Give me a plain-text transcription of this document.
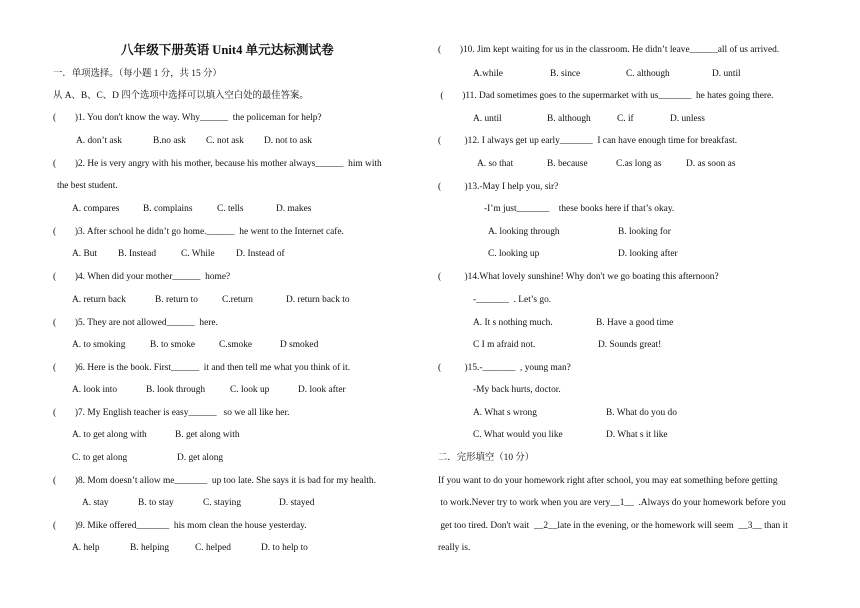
八年级下册英语 Unit4 单元达标测试卷
一．单项选择。（每小题 1 分，共 15 分）
从 A、B、C、D 四个选项中选择可以填入空白处的最佳答案。
(        )1. You don't know the way. Why______  the policeman for help?
A. don’t ask	B.no ask C. not ask D. not to ask
(        )2. He is very angry with his mother, because his mother always______  him with
the best student.
A. compares	B. complains	C. tells	D. makes
(        )3. After school he didn’t go home.______  he went to the Internet cafe.
A. But B. Instead	C. While D. Instead of
(        )4. When did your mother______  home?
A. return back	B. return to	C.return	D. return back to
(        )5. They are not allowed______  here.
A. to smoking	B. to smoke	C.smoke	D smoked
(        )6. Here is the book. First______  it and then tell me what you think of it.
A. look into	B. look through	C. look up	D. look after
(        )7. My English teacher is easy______   so we all like her.
A. to get along with	B. get along with
C. to get along	D. get along
(        )8. Mom doesn’t allow me_______  up too late. She says it is bad for my health.
A. stay	B. to stay	C. staying	D. stayed
(        )9. Mike offered_______  his mom clean the house yesterday.
A. help	B. helping	C. helped	D. to help to
(        )10. Jim kept waiting for us in the classroom. He didn’t leave______all of us arrived.
A.while	B. since	C. although	D. until
(        )11. Dad sometimes goes to the supermarket with us_______  he hates going there.
A. until	B. although	C. if	D. unless
(          )12. I always get up early_______  I can have enough time for breakfast.
A. so that	B. because	C.as long as	D. as soon as
(          )13.-May I help you, sir?
-I’m just_______    these books here if that’s okay.
A. looking through	B. looking for
C. looking up	D. looking after
(          )14.What lovely sunshine! Why don't we go boating this afternoon?
-_______  . Let’s go.
A. It s nothing much.	B. Have a good time
C I m afraid not.	D. Sounds great!
(          )15.-_______  , young man?
-My back hurts, doctor.
A. What s wrong	B. What do you do
C. What would you like	D. What s it like
二．完形填空（10 分）
If you want to do your homework right after school, you may eat something before getting
to work.Never try to work when you are very__1__  .Always do your homework before you
get too tired. Don't wait  __2__late in the evening, or the homework will seem  __3__ than it
really is.
